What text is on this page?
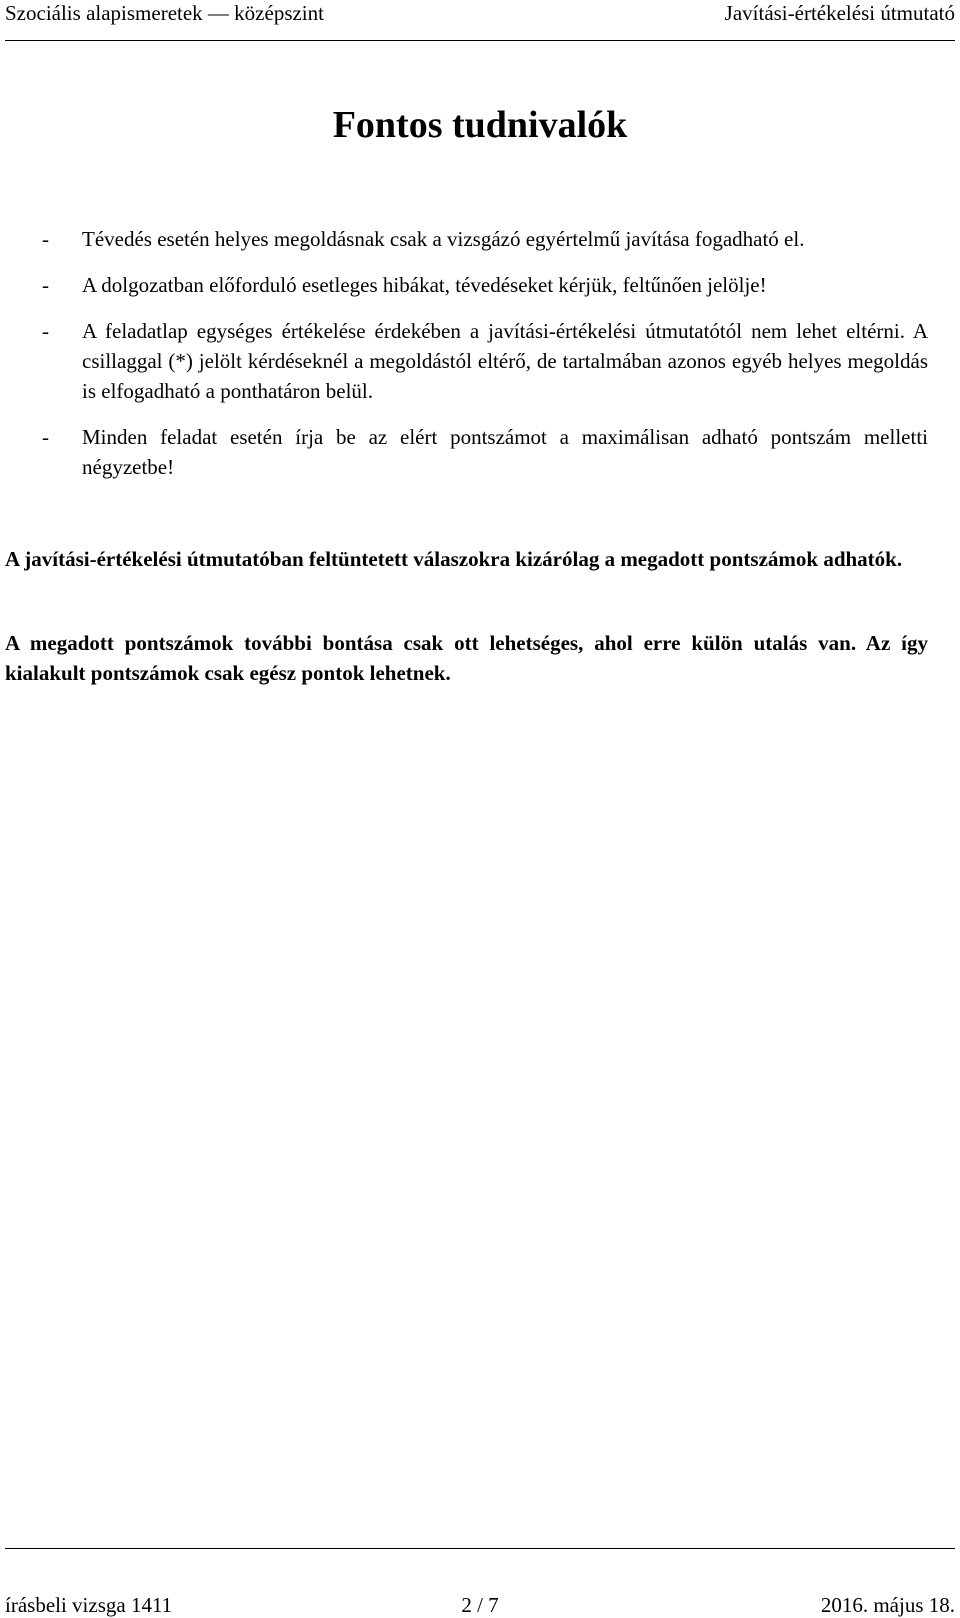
Szociális alapismeretek — középszint	Javítási-értékelési útmutató
Fontos tudnivalók
- Tévedés esetén helyes megoldásnak csak a vizsgázó egyértelmű javítása fogadható el.
- A dolgozatban előforduló esetleges hibákat, tévedéseket kérjük, feltűnően jelölje!
- A feladatlap egységes értékelése érdekében a javítási-értékelési útmutatótól nem lehet eltérni. A csillaggal (*) jelölt kérdéseknél a megoldástól eltérő, de tartalmában azonos egyéb helyes megoldás is elfogadható a ponthatáron belül.
- Minden feladat esetén írja be az elért pontszámot a maximálisan adható pontszám melletti négyzetbe!
A javítási-értékelési útmutatóban feltüntetett válaszokra kizárólag a megadott pontszámok adhatók.
A megadott pontszámok további bontása csak ott lehetséges, ahol erre külön utalás van. Az így kialakult pontszámok csak egész pontok lehetnek.
írásbeli vizsga 1411	2 / 7	2016. május 18.
